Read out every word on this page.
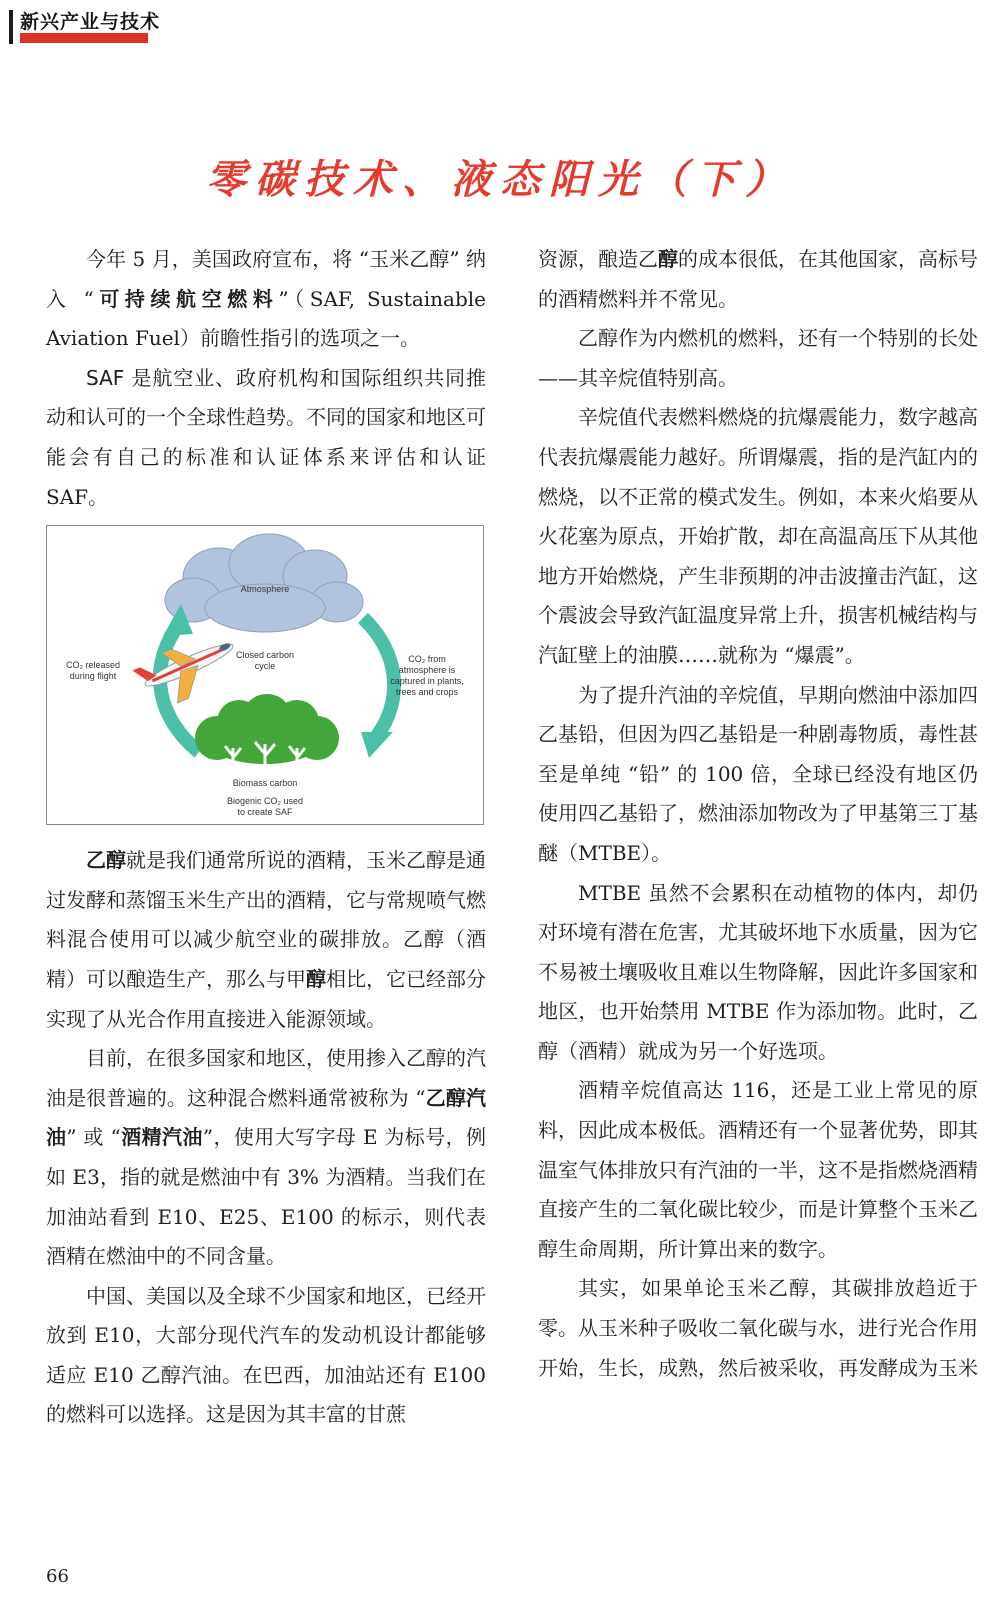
新兴产业与技术
零碳技术、液态阳光（下）

今年 5 月，美国政府宣布，将 “玉米乙醇” 纳入 “可持续航空燃料”（SAF, Sustainable Aviation Fuel）前瞻性指引的选项之一。

SAF 是航空业、政府机构和国际组织共同推动和认可的一个全球性趋势。不同的国家和地区可能会有自己的标准和认证体系来评估和认证 SAF。

Atmosphere
Closed carbon
cycle
CO₂ released
during flight
CO₂ from
atmosphere is
captured in plants,
trees and crops
Biomass carbon
Biogenic CO₂ used
to create SAF

乙醇就是我们通常所说的酒精，玉米乙醇是通过发酵和蒸馏玉米生产出的酒精，它与常规喷气燃料混合使用可以减少航空业的碳排放。乙醇（酒精）可以酿造生产，那么与甲醇相比，它已经部分实现了从光合作用直接进入能源领域。

目前，在很多国家和地区，使用掺入乙醇的汽油是很普遍的。这种混合燃料通常被称为 “乙醇汽油” 或 “酒精汽油”，使用大写字母 E 为标号，例如 E3，指的就是燃油中有 3% 为酒精。当我们在加油站看到 E10、E25、E100 的标示，则代表酒精在燃油中的不同含量。

中国、美国以及全球不少国家和地区，已经开放到 E10，大部分现代汽车的发动机设计都能够适应 E10 乙醇汽油。在巴西，加油站还有 E100 的燃料可以选择。这是因为其丰富的甘蔗

资源，酿造乙醇的成本很低，在其他国家，高标号的酒精燃料并不常见。

乙醇作为内燃机的燃料，还有一个特别的长处——其辛烷值特别高。

辛烷值代表燃料燃烧的抗爆震能力，数字越高代表抗爆震能力越好。所谓爆震，指的是汽缸内的燃烧，以不正常的模式发生。例如，本来火焰要从火花塞为原点，开始扩散，却在高温高压下从其他地方开始燃烧，产生非预期的冲击波撞击汽缸，这个震波会导致汽缸温度异常上升，损害机械结构与汽缸壁上的油膜……就称为 “爆震”。

为了提升汽油的辛烷值，早期向燃油中添加四乙基铅，但因为四乙基铅是一种剧毒物质，毒性甚至是单纯 “铅” 的 100 倍，全球已经没有地区仍使用四乙基铅了，燃油添加物改为了甲基第三丁基醚（MTBE）。

MTBE 虽然不会累积在动植物的体内，却仍对环境有潜在危害，尤其破坏地下水质量，因为它不易被土壤吸收且难以生物降解，因此许多国家和地区，也开始禁用 MTBE 作为添加物。此时，乙醇（酒精）就成为另一个好选项。

酒精辛烷值高达 116，还是工业上常见的原料，因此成本极低。酒精还有一个显著优势，即其温室气体排放只有汽油的一半，这不是指燃烧酒精直接产生的二氧化碳比较少，而是计算整个玉米乙醇生命周期，所计算出来的数字。

其实，如果单论玉米乙醇，其碳排放趋近于零。从玉米种子吸收二氧化碳与水，进行光合作用开始，生长，成熟，然后被采收，再发酵成为玉米

66
